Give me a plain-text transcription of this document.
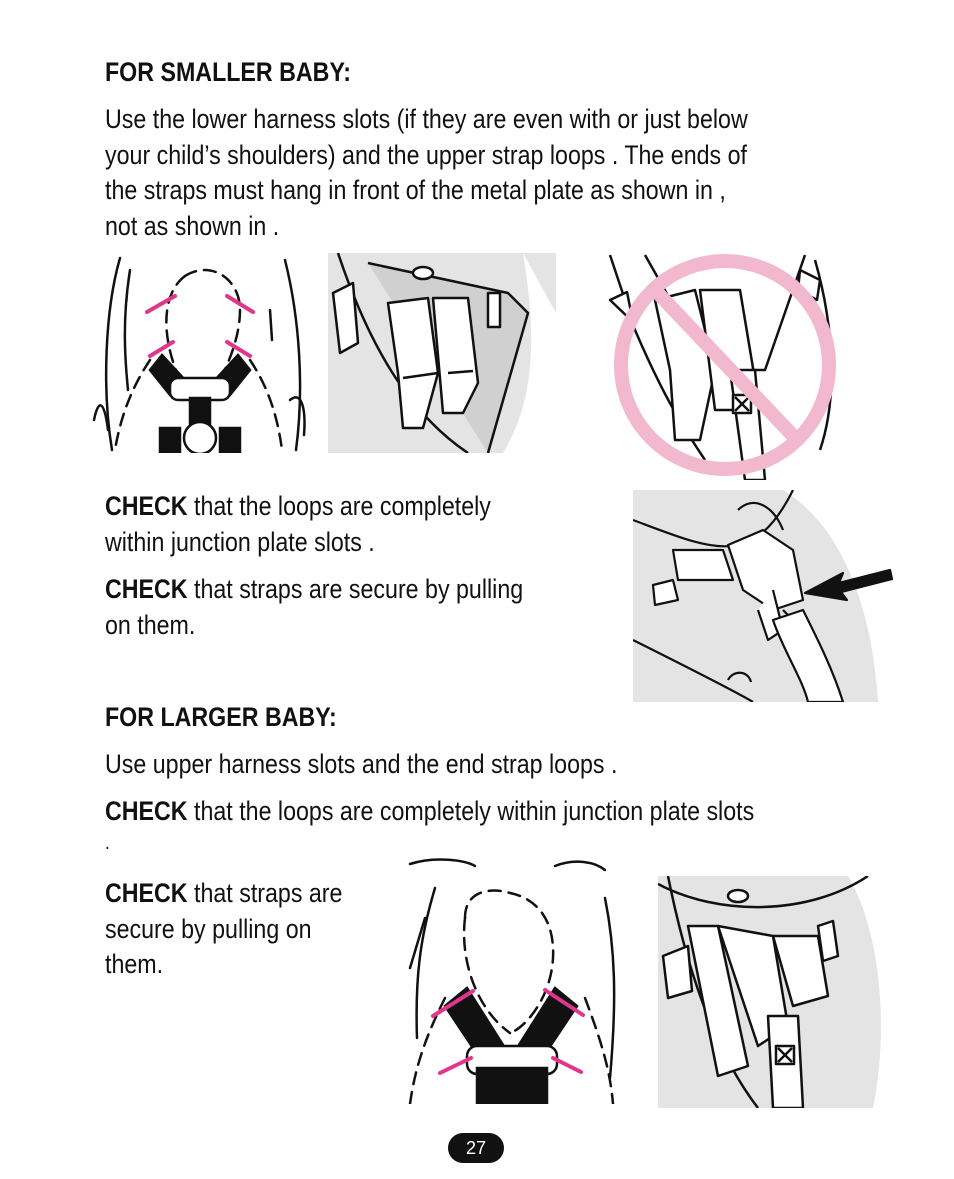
FOR SMALLER BABY:
Use the lower harness slots (if they are even with or just below
your child’s shoulders) and the upper strap loops . The ends of
the straps must hang in front of the metal plate as shown in ,
not as shown in .
CHECK that the loops are completely
within junction plate slots .
CHECK that straps are secure by pulling
on them.
FOR LARGER BABY:
Use upper harness slots and the end strap loops .
CHECK that the loops are completely within junction plate slots
.
CHECK that straps are
secure by pulling on
them.
27
